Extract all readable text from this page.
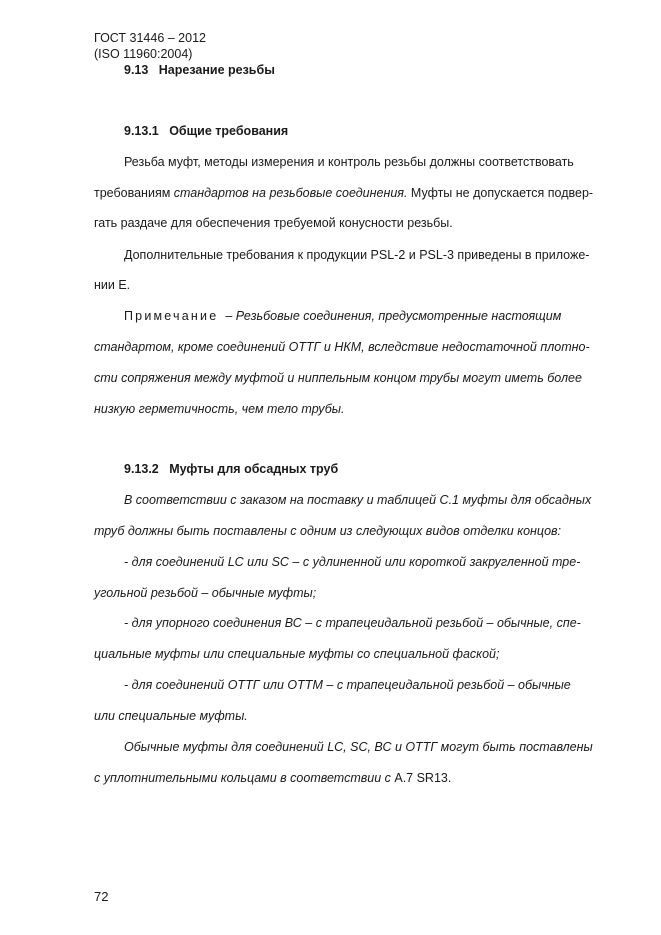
ГОСТ 31446 – 2012
(ISO 11960:2004)
9.13 Нарезание резьбы
9.13.1 Общие требования
Резьба муфт, методы измерения и контроль резьбы должны соответствовать
требованиям стандартов на резьбовые соединения. Муфты не допускается подвер-
гать раздаче для обеспечения требуемой конусности резьбы.
Дополнительные требования к продукции PSL-2 и PSL-3 приведены в приложе-
нии Е.
Примечание – Резьбовые соединения, предусмотренные настоящим
стандартом, кроме соединений ОТТГ и НКМ, вследствие недостаточной плотно-
сти сопряжения между муфтой и ниппельным концом трубы могут иметь более
низкую герметичность, чем тело трубы.
9.13.2 Муфты для обсадных труб
В соответствии с заказом на поставку и таблицей С.1 муфты для обсадных
труб должны быть поставлены с одним из следующих видов отделки концов:
- для соединений LC или SC – с удлиненной или короткой закругленной тре-
угольной резьбой – обычные муфты;
- для упорного соединения ВС – с трапецеидальной резьбой – обычные, спе-
циальные муфты или специальные муфты со специальной фаской;
- для соединений ОТТГ или ОТТМ – с трапецеидальной резьбой – обычные
или специальные муфты.
Обычные муфты для соединений LC, SC, ВС и ОТТГ могут быть поставлены
с уплотнительными кольцами в соответствии с A.7 SR13.
72
